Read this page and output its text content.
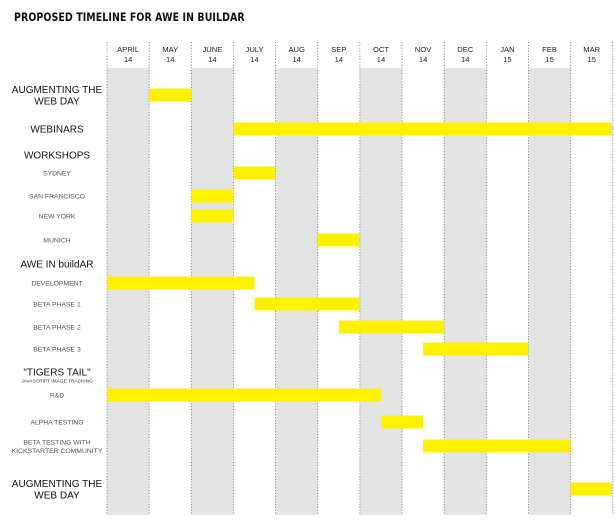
PROPOSED TIMELINE FOR AWE IN BUILDAR
APRIL
14
MAY
14
JUNE
14
JULY
14
AUG
14
SEP
14
OCT
14
NOV
14
DEC
14
JAN
15
FEB
15
MAR
15
AUGMENTING THE
WEB DAY
WEBINARS
WORKSHOPS
SYDNEY
SAN FRANCISCO
NEW YORK
MUNICH
AWE IN buildAR
DEVELOPMENT
BETA PHASE 1
BETA PHASE 2
BETA PHASE 3
"TIGERS TAIL"
JAVASCRIPT IMAGE TRACKING
R&D
ALPHA TESTING
BETA TESTING WITH
KICKSTARTER COMMUNITY
AUGMENTING THE
WEB DAY
